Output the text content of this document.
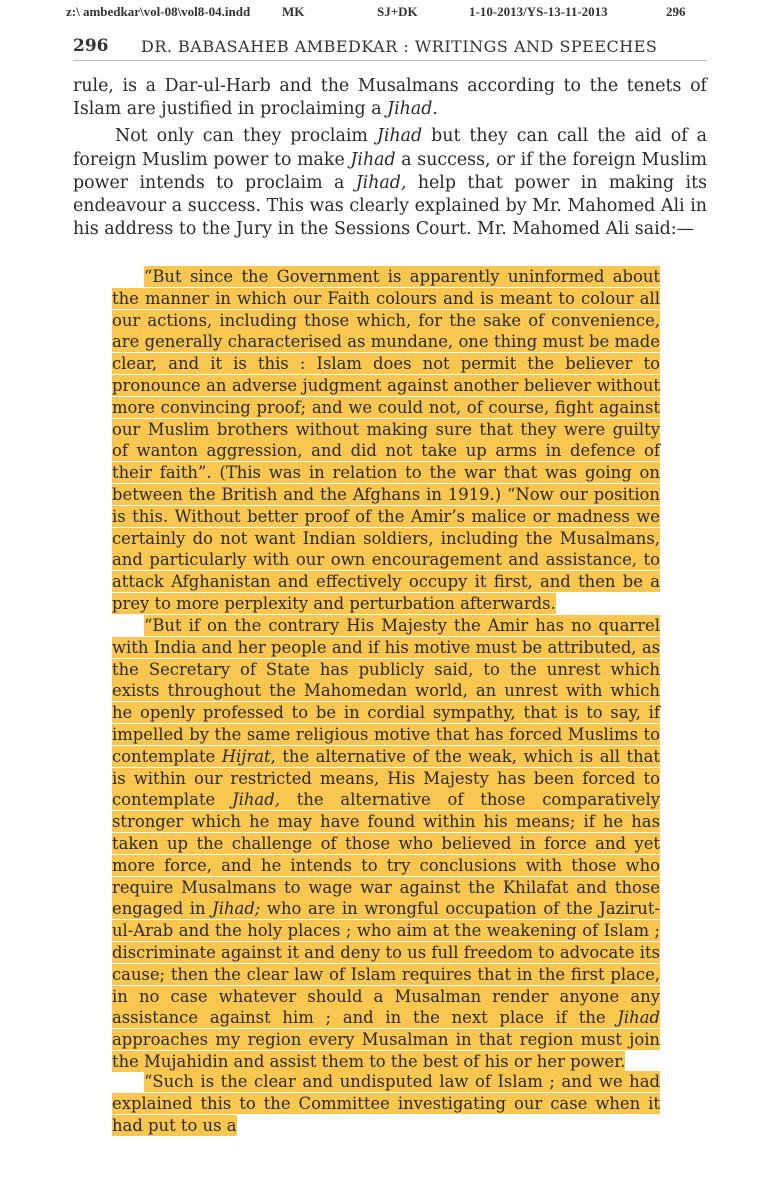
z:\ ambedkar\vol-08\vol8-04.indd MK	SJ+DK	1-10-2013/YS-13-11-2013	296
296 DR. BABASAHEB AMBEDKAR : WRITINGS AND SPEECHES

rule, is a Dar-ul-Harb and the Musalmans according to the tenets of Islam are justified in proclaiming a Jihad.

Not only can they proclaim Jihad but they can call the aid of a foreign Muslim power to make Jihad a success, or if the foreign Muslim power intends to proclaim a Jihad, help that power in making its endeavour a success. This was clearly explained by Mr. Mahomed Ali in his address to the Jury in the Sessions Court. Mr. Mahomed Ali said:—

“But since the Government is apparently uninformed about the manner in which our Faith colours and is meant to colour all our actions, including those which, for the sake of convenience, are generally characterised as mundane, one thing must be made clear, and it is this : Islam does not permit the believer to pronounce an adverse judgment against another believer without more convincing proof; and we could not, of course, fight against our Muslim brothers without making sure that they were guilty of wanton aggression, and did not take up arms in defence of their faith”. (This was in relation to the war that was going on between the British and the Afghans in 1919.) “Now our position is this. Without better proof of the Amir’s malice or madness we certainly do not want Indian soldiers, including the Musalmans, and particularly with our own encouragement and assistance, to attack Afghanistan and effectively occupy it first, and then be a prey to more perplexity and perturbation afterwards.

“But if on the contrary His Majesty the Amir has no quarrel with India and her people and if his motive must be attributed, as the Secretary of State has publicly said, to the unrest which exists throughout the Mahomedan world, an unrest with which he openly professed to be in cordial sympathy, that is to say, if impelled by the same religious motive that has forced Muslims to contemplate Hijrat, the alternative of the weak, which is all that is within our restricted means, His Majesty has been forced to contemplate Jihad, the alternative of those comparatively stronger which he may have found within his means; if he has taken up the challenge of those who believed in force and yet more force, and he intends to try conclusions with those who require Musalmans to wage war against the Khilafat and those engaged in Jihad; who are in wrongful occupation of the Jazirut-ul-Arab and the holy places ; who aim at the weakening of Islam ; discriminate against it and deny to us full freedom to advocate its cause; then the clear law of Islam requires that in the first place, in no case whatever should a Musalman render anyone any assistance against him ; and in the next place if the Jihad approaches my region every Musalman in that region must join the Mujahidin and assist them to the best of his or her power.

“Such is the clear and undisputed law of Islam ; and we had explained this to the Committee investigating our case when it had put to us a
